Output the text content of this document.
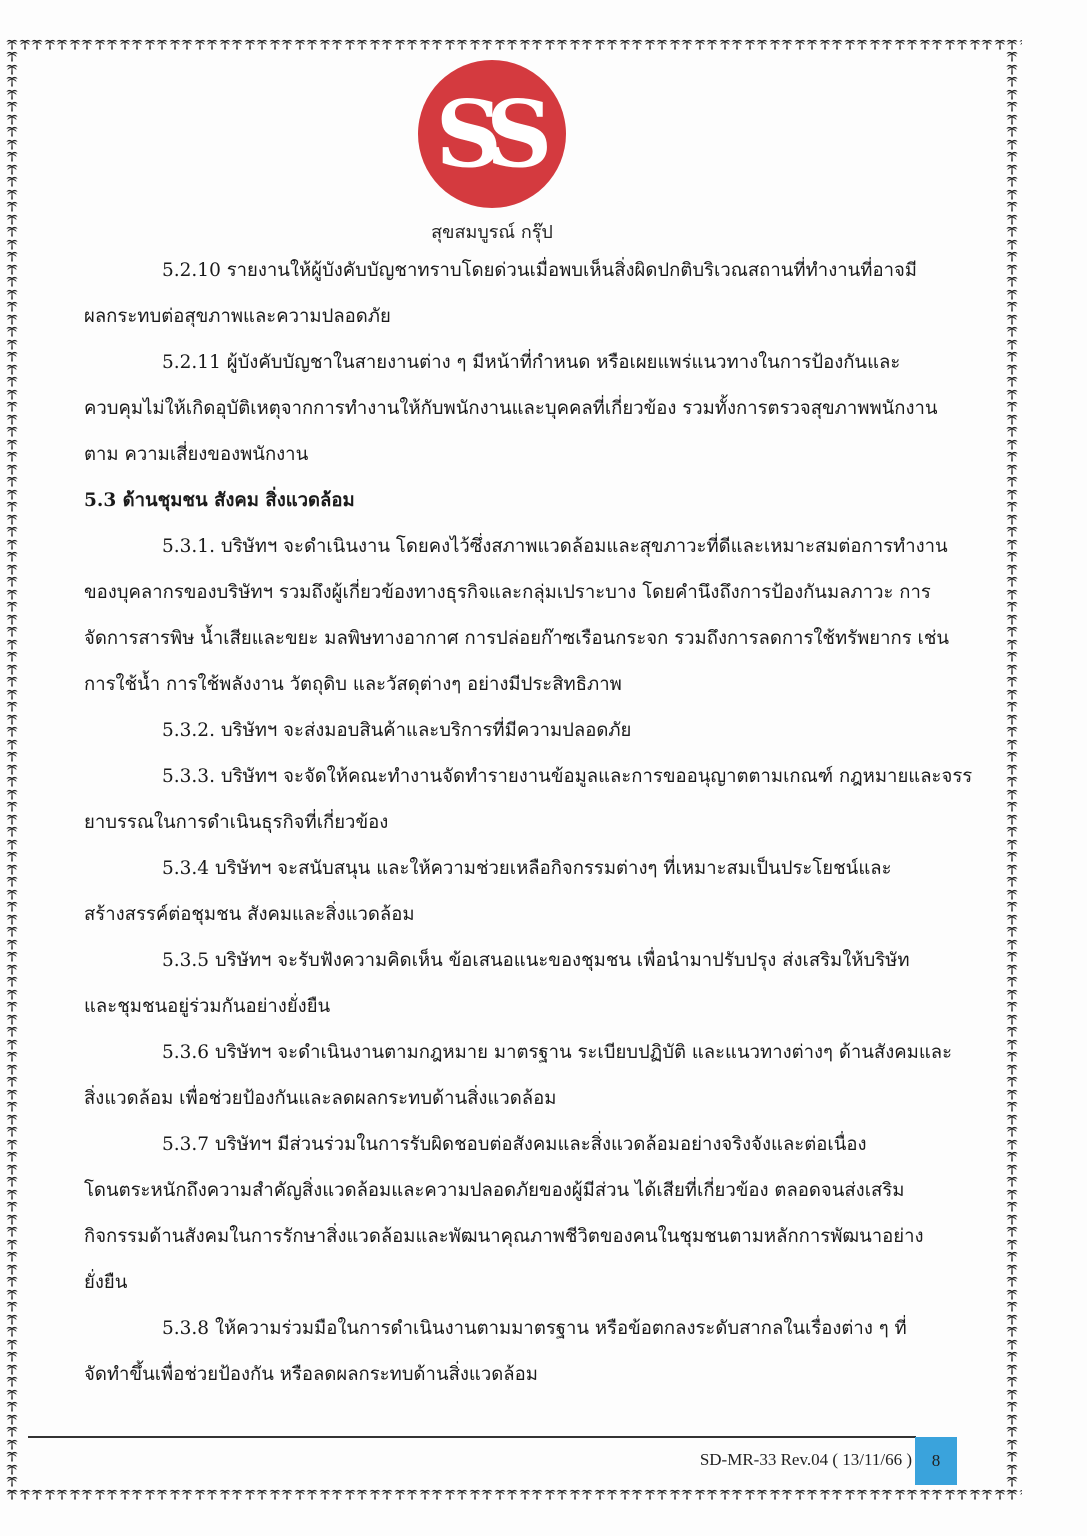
SS
สุขสมบูรณ์ กรุ๊ป
5.2.10 รายงานให้ผู้บังคับบัญชาทราบโดยด่วนเมื่อพบเห็นสิ่งผิดปกติบริเวณสถานที่ทำงานที่อาจมี
ผลกระทบต่อสุขภาพและความปลอดภัย
5.2.11 ผู้บังคับบัญชาในสายงานต่าง ๆ มีหน้าที่กำหนด หรือเผยแพร่แนวทางในการป้องกันและ
ควบคุมไม่ให้เกิดอุบัติเหตุจากการทำงานให้กับพนักงานและบุคคลที่เกี่ยวข้อง รวมทั้งการตรวจสุขภาพพนักงาน
ตาม ความเสี่ยงของพนักงาน
5.3 ด้านชุมชน สังคม สิ่งแวดล้อม
5.3.1. บริษัทฯ จะดำเนินงาน โดยคงไว้ซึ่งสภาพแวดล้อมและสุขภาวะที่ดีและเหมาะสมต่อการทำงาน
ของบุคลากรของบริษัทฯ รวมถึงผู้เกี่ยวข้องทางธุรกิจและกลุ่มเปราะบาง โดยคำนึงถึงการป้องกันมลภาวะ การ
จัดการสารพิษ น้ำเสียและขยะ มลพิษทางอากาศ การปล่อยก๊าซเรือนกระจก รวมถึงการลดการใช้ทรัพยากร เช่น
การใช้น้ำ การใช้พลังงาน วัตถุดิบ และวัสดุต่างๆ อย่างมีประสิทธิภาพ
5.3.2. บริษัทฯ จะส่งมอบสินค้าและบริการที่มีความปลอดภัย
5.3.3. บริษัทฯ จะจัดให้คณะทำงานจัดทำรายงานข้อมูลและการขออนุญาตตามเกณฑ์ กฎหมายและจรร
ยาบรรณในการดำเนินธุรกิจที่เกี่ยวข้อง
5.3.4 บริษัทฯ จะสนับสนุน และให้ความช่วยเหลือกิจกรรมต่างๆ ที่เหมาะสมเป็นประโยชน์และ
สร้างสรรค์ต่อชุมชน สังคมและสิ่งแวดล้อม
5.3.5 บริษัทฯ จะรับฟังความคิดเห็น ข้อเสนอแนะของชุมชน เพื่อนำมาปรับปรุง ส่งเสริมให้บริษัท
และชุมชนอยู่ร่วมกันอย่างยั่งยืน
5.3.6 บริษัทฯ จะดำเนินงานตามกฎหมาย มาตรฐาน ระเบียบปฏิบัติ และแนวทางต่างๆ ด้านสังคมและ
สิ่งแวดล้อม เพื่อช่วยป้องกันและลดผลกระทบด้านสิ่งแวดล้อม
5.3.7 บริษัทฯ มีส่วนร่วมในการรับผิดชอบต่อสังคมและสิ่งแวดล้อมอย่างจริงจังและต่อเนื่อง
โดนตระหนักถึงความสำคัญสิ่งแวดล้อมและความปลอดภัยของผู้มีส่วน ได้เสียที่เกี่ยวข้อง ตลอดจนส่งเสริม
กิจกรรมด้านสังคมในการรักษาสิ่งแวดล้อมและพัฒนาคุณภาพชีวิตของคนในชุมชนตามหลักการพัฒนาอย่าง
ยั่งยืน
5.3.8 ให้ความร่วมมือในการดำเนินงานตามมาตรฐาน หรือข้อตกลงระดับสากลในเรื่องต่าง ๆ ที่
จัดทำขึ้นเพื่อช่วยป้องกัน หรือลดผลกระทบด้านสิ่งแวดล้อม
SD-MR-33 Rev.04 ( 13/11/66 ) 8
